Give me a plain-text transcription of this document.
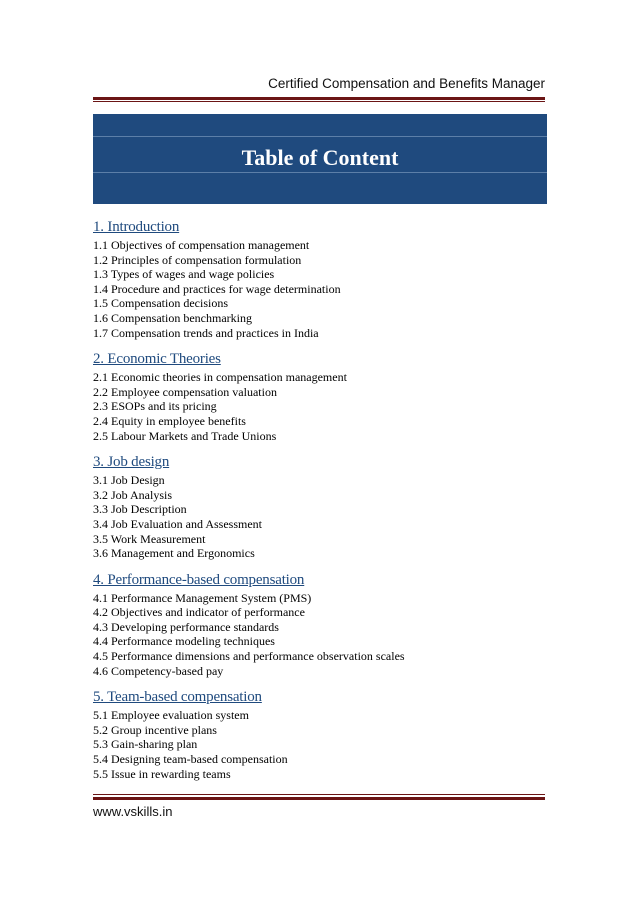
Certified Compensation and Benefits Manager
Table of Content
1. Introduction
1.1 Objectives of compensation management
1.2 Principles of compensation formulation
1.3 Types of wages and wage policies
1.4 Procedure and practices for wage determination
1.5 Compensation decisions
1.6 Compensation benchmarking
1.7 Compensation trends and practices in India
2. Economic Theories
2.1 Economic theories in compensation management
2.2 Employee compensation valuation
2.3 ESOPs and its pricing
2.4 Equity in employee benefits
2.5 Labour Markets and Trade Unions
3. Job design
3.1 Job Design
3.2 Job Analysis
3.3 Job Description
3.4 Job Evaluation and Assessment
3.5 Work Measurement
3.6 Management and Ergonomics
4. Performance-based compensation
4.1 Performance Management System (PMS)
4.2 Objectives and indicator of performance
4.3 Developing performance standards
4.4 Performance modeling techniques
4.5 Performance dimensions and performance observation scales
4.6 Competency-based pay
5. Team-based compensation
5.1 Employee evaluation system
5.2 Group incentive plans
5.3 Gain-sharing plan
5.4 Designing team-based compensation
5.5 Issue in rewarding teams
www.vskills.in
